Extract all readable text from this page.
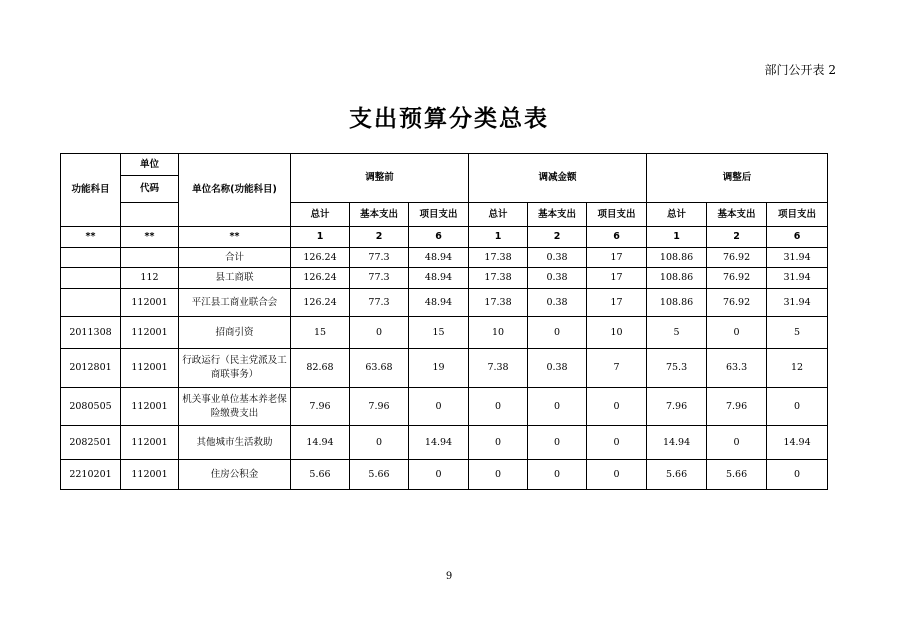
部门公开表 2
支出预算分类总表
功能科目	单位	单位名称(功能科目)	调整前			调减金额			调整后		
	代码										
			总计	基本支出	项目支出	总计	基本支出	项目支出	总计	基本支出	项目支出
**	**	**	1	2	6	1	2	6	1	2	6
		合计	126.24	77.3	48.94	17.38	0.38	17	108.86	76.92	31.94
	112	县工商联	126.24	77.3	48.94	17.38	0.38	17	108.86	76.92	31.94
	112001	平江县工商业联合会	126.24	77.3	48.94	17.38	0.38	17	108.86	76.92	31.94
2011308	112001	招商引资	15	0	15	10	0	10	5	0	5
2012801	112001	行政运行（民主党派及工商联事务）	82.68	63.68	19	7.38	0.38	7	75.3	63.3	12
2080505	112001	机关事业单位基本养老保险缴费支出	7.96	7.96	0	0	0	0	7.96	7.96	0
2082501	112001	其他城市生活救助	14.94	0	14.94	0	0	0	14.94	0	14.94
2210201	112001	住房公积金	5.66	5.66	0	0	0	0	5.66	5.66	0
9
